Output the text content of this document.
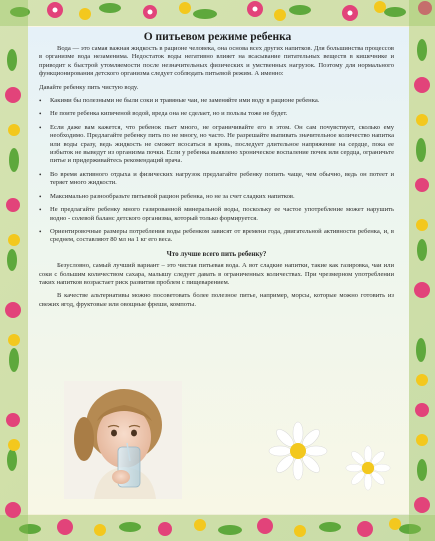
О питьевом режиме ребенка

Вода — это самая важная жидкость в рационе человека, она основа всех других напитков. Для большинства процессов в организме вода незаменима. Недостаток воды негативно влияет на всасывание питательных веществ в кишечнике и приводит к быстрой утомляемости после незначительных физических и умственных нагрузок. Поэтому для нормального функционирования детского организма следует соблюдать питьевой режим. А именно:

Давайте ребенку пить чистую воду.

• Какими бы полезными не были соки и травяные чаи, не заменяйте ими воду в рационе ребенка.
• Не поите ребенка кипяченой водой, вреда она не сделает, но и пользы тоже не будет.
• Если даже вам кажется, что ребенок пьет много, не ограничивайте его в этом. Он сам почувствует, сколько ему необходимо. Предлагайте ребенку пить по не многу, но часто. Не разрешайте выпивать значительное количество напитка или воды сразу, ведь жидкость не сможет всосаться в кровь, последует длительное напряжение на сердце, пока ее избыток не выведут из организма почки. Если у ребенка выявлено хроническое воспаление почек или сердца, ограничьте питье и придерживайтесь рекомендаций врача.
• Во время активного отдыха и физических нагрузок предлагайте ребенку попить чаще, чем обычно, ведь он потеет и теряет много жидкости.
• Максимально разнообразьте питьевой рацион ребенка, но не за счет сладких напитков.
• Не предлагайте ребенку много газированной минеральной воды, поскольку ее частое употребление может нарушить водно - солевой баланс детского организма, который только формируется.
• Ориентировочные размеры потребления воды ребенком зависят от времени года, двигательной активности ребенка, и, в среднем, составляют 80 мл на 1 кг его веса.
Что лучше всего пить ребенку?

Безусловно, самый лучший вариант – это чистая питьевая вода. А вот сладкие напитки, такие как газировка, чаи или соки с большим количеством сахара, малышу следует давать в ограниченных количествах. При чрезмерном употреблении таких напитков возрастает риск развития проблем с пищеварением.

В качестве альтернативы можно посоветовать более полезное питье, например, морсы, которые можно готовить из свежих ягод, фруктовые или овощные фреши, компоты.
